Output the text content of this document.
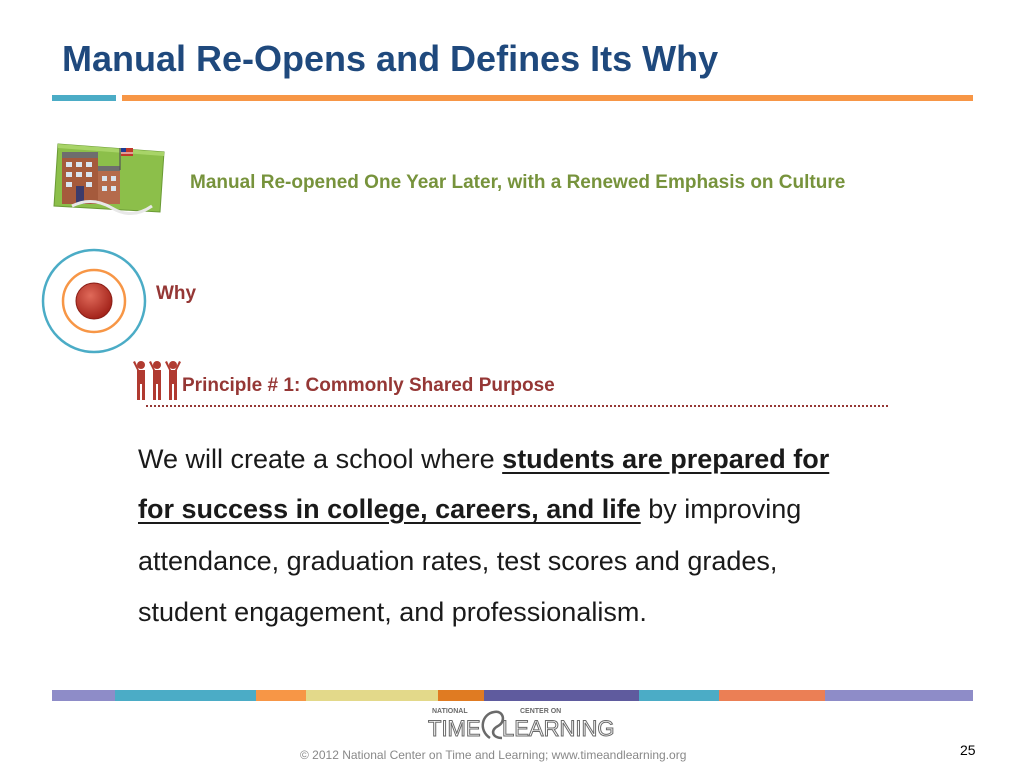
Manual Re-Opens and Defines Its Why
Manual Re-opened One Year Later, with a Renewed Emphasis on Culture
Why
Principle # 1: Commonly Shared Purpose
We will create a school where students are prepared for
for success in college, careers, and life by improving
attendance, graduation rates, test scores and grades,
student engagement, and professionalism.
NATIONAL	CENTER ON
TIME LEARNING
© 2012 National Center on Time and Learning; www.timeandlearning.org	25
